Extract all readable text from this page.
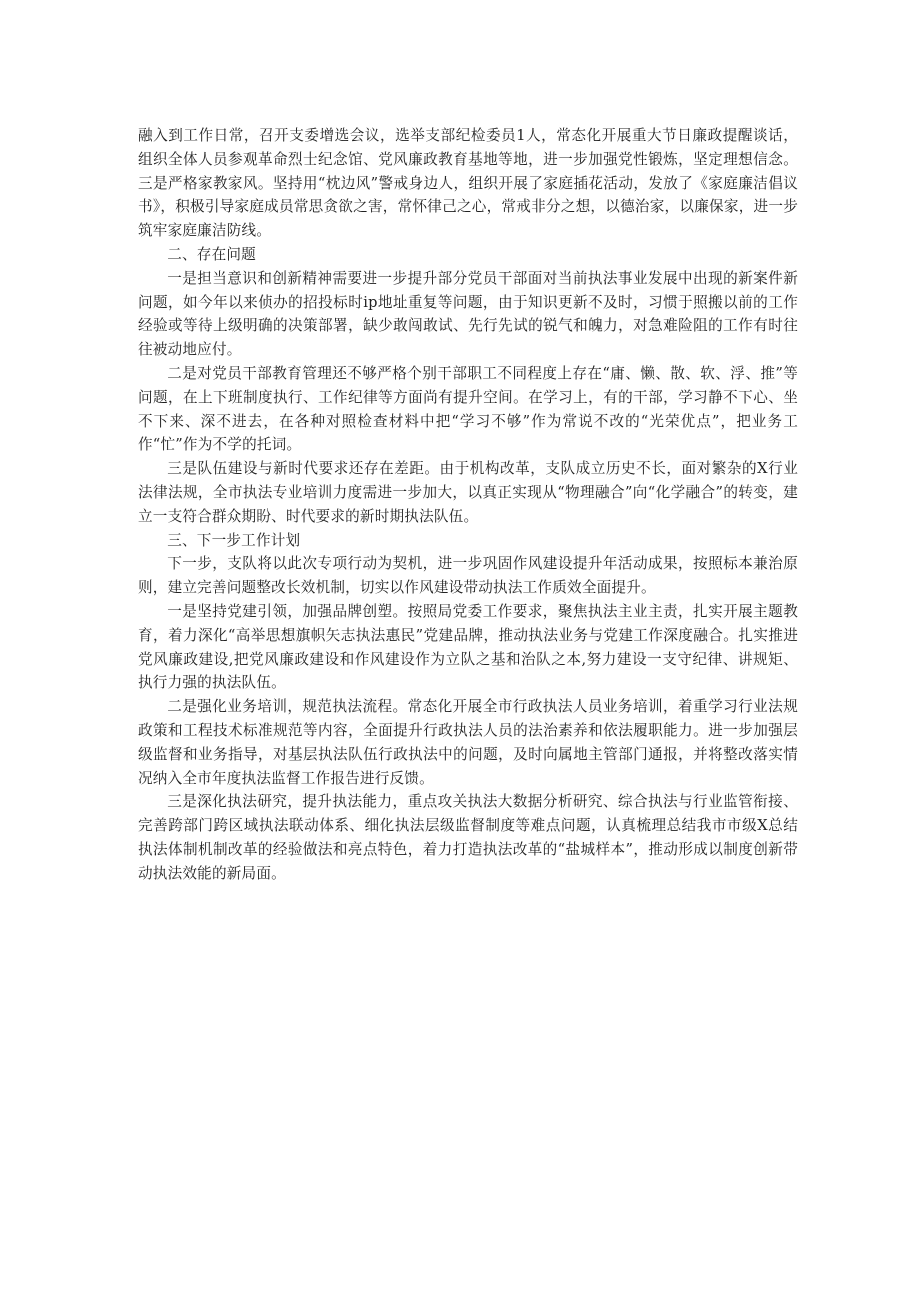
融入到工作日常，召开支委增选会议，选举支部纪检委员1人，常态化开展重大节日廉政提醒谈话，组织全体人员参观革命烈士纪念馆、党风廉政教育基地等地，进一步加强党性锻炼，坚定理想信念。三是严格家教家风。坚持用“枕边风”警戒身边人，组织开展了家庭插花活动，发放了《家庭廉洁倡议书》，积极引导家庭成员常思贪欲之害，常怀律己之心，常戒非分之想，以德治家，以廉保家，进一步筑牢家庭廉洁防线。

二、存在问题

一是担当意识和创新精神需要进一步提升部分党员干部面对当前执法事业发展中出现的新案件新问题，如今年以来侦办的招投标时ip地址重复等问题，由于知识更新不及时，习惯于照搬以前的工作经验或等待上级明确的决策部署，缺少敢闯敢试、先行先试的锐气和魄力，对急难险阻的工作有时往往被动地应付。

二是对党员干部教育管理还不够严格个别干部职工不同程度上存在“庸、懒、散、软、浮、推”等问题，在上下班制度执行、工作纪律等方面尚有提升空间。在学习上，有的干部，学习静不下心、坐不下来、深不进去，在各种对照检查材料中把“学习不够”作为常说不改的“光荣优点”，把业务工作“忙”作为不学的托词。

三是队伍建设与新时代要求还存在差距。由于机构改革，支队成立历史不长，面对繁杂的X行业法律法规，全市执法专业培训力度需进一步加大，以真正实现从“物理融合”向“化学融合”的转变，建立一支符合群众期盼、时代要求的新时期执法队伍。

三、下一步工作计划

下一步，支队将以此次专项行动为契机，进一步巩固作风建设提升年活动成果，按照标本兼治原则，建立完善问题整改长效机制，切实以作风建设带动执法工作质效全面提升。

一是坚持党建引领，加强品牌创塑。按照局党委工作要求，聚焦执法主业主责，扎实开展主题教育，着力深化“高举思想旗帜矢志执法惠民”党建品牌，推动执法业务与党建工作深度融合。扎实推进党风廉政建设,把党风廉政建设和作风建设作为立队之基和治队之本,努力建设一支守纪律、讲规矩、执行力强的执法队伍。

二是强化业务培训，规范执法流程。常态化开展全市行政执法人员业务培训，着重学习行业法规政策和工程技术标准规范等内容，全面提升行政执法人员的法治素养和依法履职能力。进一步加强层级监督和业务指导，对基层执法队伍行政执法中的问题，及时向属地主管部门通报，并将整改落实情况纳入全市年度执法监督工作报告进行反馈。

三是深化执法研究，提升执法能力，重点攻关执法大数据分析研究、综合执法与行业监管衔接、完善跨部门跨区域执法联动体系、细化执法层级监督制度等难点问题，认真梳理总结我市市级X总结执法体制机制改革的经验做法和亮点特色，着力打造执法改革的“盐城样本”，推动形成以制度创新带动执法效能的新局面。
